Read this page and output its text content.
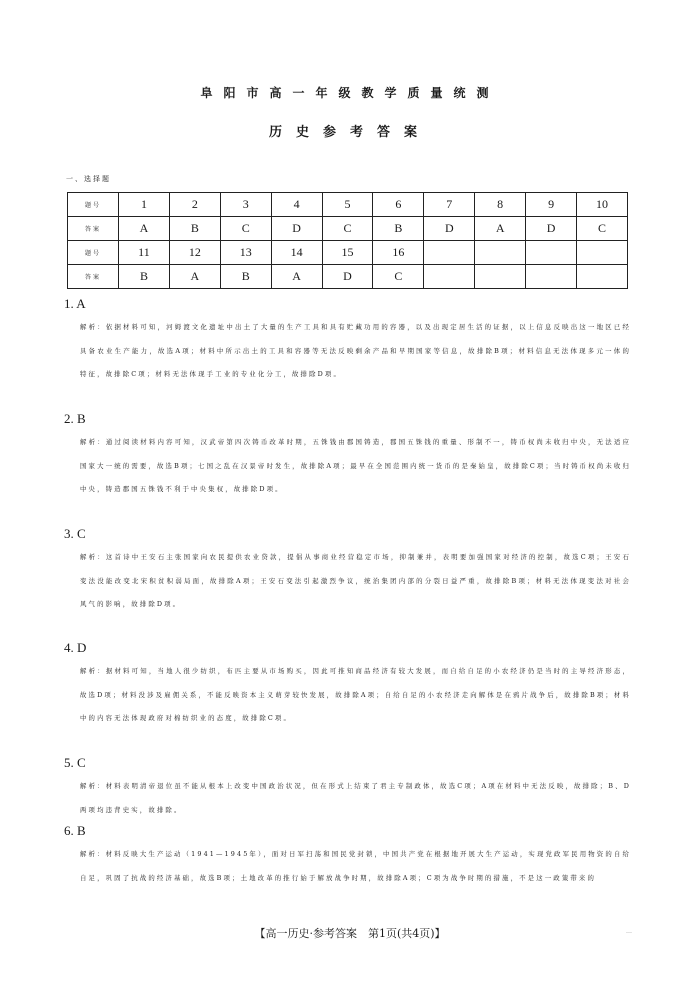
阜阳市高一年级教学质量统测
历史参考答案
一、选择题
题号	1	2	3	4	5	6	7	8	9	10
答案	A	B	C	D	C	B	D	A	D	C
题号	11	12	13	14	15	16				
答案	B	A	B	A	D	C				
1. A
解析：依据材料可知，河姆渡文化遗址中出土了大量的生产工具和具有贮藏功用的容器，以及出现定居生活的证据，以上信息反映出这一地区已经具备农业生产能力，故选A项；材料中所示出土的工具和容器等无法反映剩余产品和早期国家等信息，故排除B项；材料信息无法体现多元一体的特征，故排除C项；材料无法体现手工业的专业化分工，故排除D项。
2. B
解析：通过阅读材料内容可知，汉武帝第四次铸币改革时期，五铢钱由郡国铸造，郡国五铢钱的重量、形制不一，铸币权尚未收归中央，无法适应国家大一统的需要，故选B项；七国之乱在汉景帝时发生，故排除A项；最早在全国范围内统一货币的是秦始皇，故排除C项；当时铸币权尚未收归中央，铸造郡国五铢钱不利于中央集权，故排除D项。
3. C
解析：这首诗中王安石主张国家向农民提供农业贷款，提倡从事商业经营稳定市场，抑制兼并，表明要加强国家对经济的控制，故选C项；王安石变法没能改变北宋积贫积弱局面，故排除A项；王安石变法引起激烈争议，统治集团内部的分裂日益严重，故排除B项；材料无法体现变法对社会风气的影响，故排除D项。
4. D
解析：据材料可知，当地人很少纺织，布匹主要从市场购买，因此可推知商品经济有较大发展，而自给自足的小农经济仍是当时的主导经济形态，故选D项；材料没涉及雇佣关系，不能反映资本主义萌芽较快发展，故排除A项；自给自足的小农经济走向解体是在鸦片战争后，故排除B项；材料中的内容无法体现政府对棉纺织业的态度，故排除C项。
5. C
解析：材料表明清帝退位虽不能从根本上改变中国政治状况，但在形式上结束了君主专制政体，故选C项；A项在材料中无法反映，故排除；B、D两项均违背史实，故排除。
6. B
解析：材料反映大生产运动（1941—1945年），面对日军扫荡和国民党封锁，中国共产党在根据地开展大生产运动，实现党政军民用物资的自给自足，巩固了抗战的经济基础，故选B项；土地改革的推行始于解放战争时期，故排除A项；C项为战争时期的措施，不是这一政策带来的
【高一历史·参考答案　第1页(共4页)】	…
